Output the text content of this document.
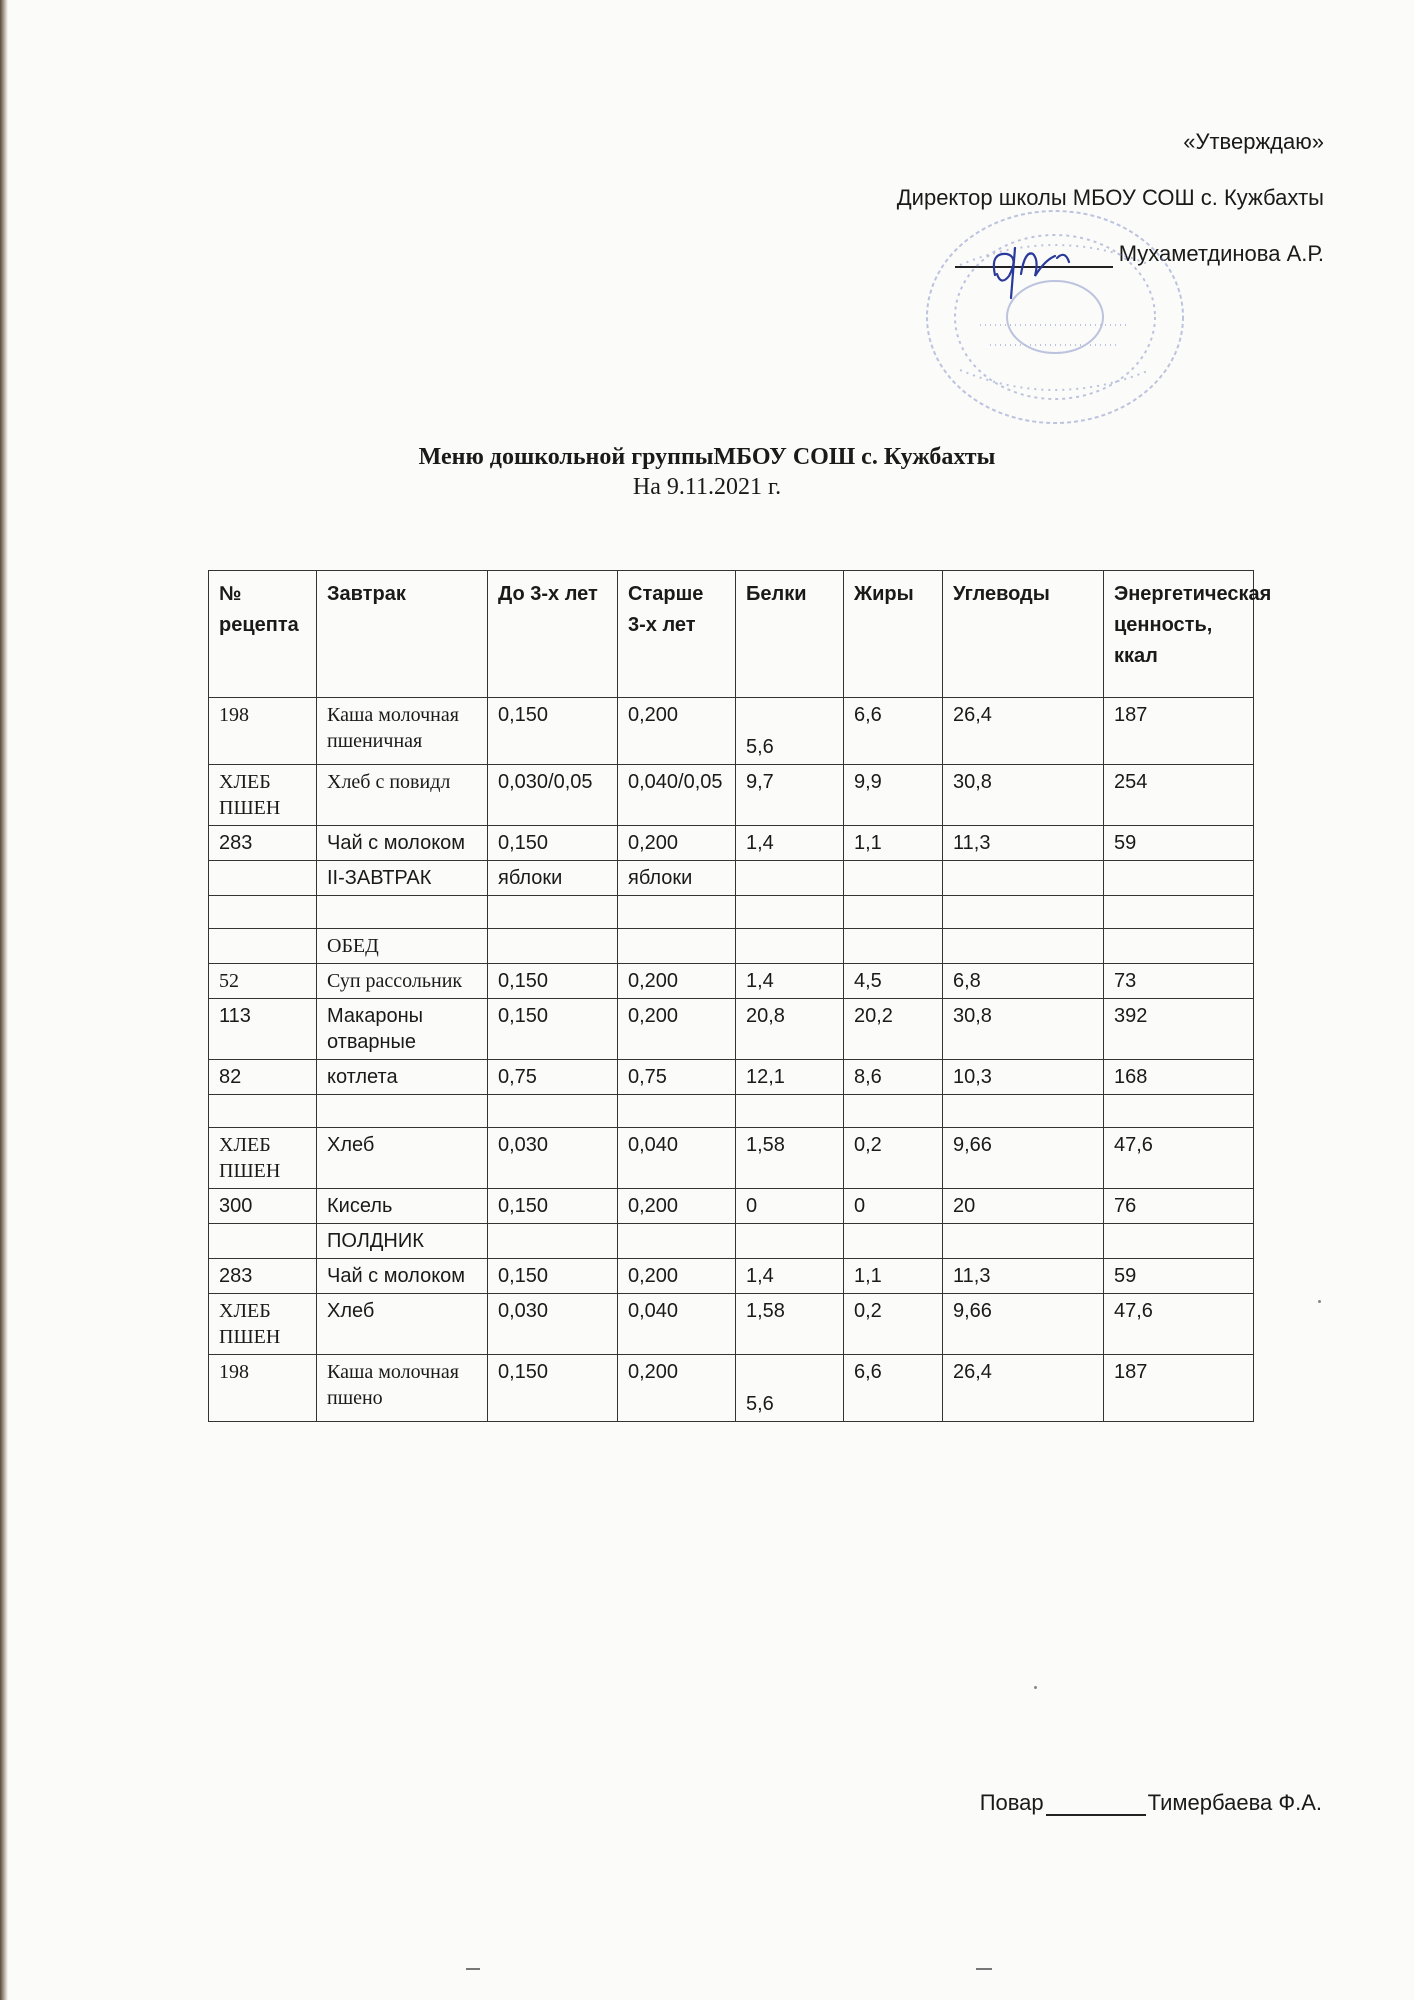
«Утверждаю»
Директор школы МБОУ СОШ с. Кужбахты
Мухаметдинова А.Р.
Меню дошкольной группыМБОУ СОШ с. Кужбахты
На 9.11.2021 г.
№ рецепта	Завтрак	До 3-х лет	Старше 3-х лет	Белки	Жиры	Углеводы	Энергетическая ценность, ккал
198	Каша молочная пшеничная	0,150	0,200	5,6	6,6	26,4	187
ХЛЕБ ПШЕН	Хлеб с повидл	0,030/0,05	0,040/0,05	9,7	9,9	30,8	254
283	Чай с молоком	0,150	0,200	1,4	1,1	11,3	59
	II-ЗАВТРАК	яблоки	яблоки				

	ОБЕД						
52	Суп рассольник	0,150	0,200	1,4	4,5	6,8	73
113	Макароны отварные	0,150	0,200	20,8	20,2	30,8	392
82	котлета	0,75	0,75	12,1	8,6	10,3	168

ХЛЕБ ПШЕН	Хлеб	0,030	0,040	1,58	0,2	9,66	47,6
300	Кисель	0,150	0,200	0	0	20	76
	ПОЛДНИК						
283	Чай с молоком	0,150	0,200	1,4	1,1	11,3	59
ХЛЕБ ПШЕН	Хлеб	0,030	0,040	1,58	0,2	9,66	47,6
198	Каша молочная пшено	0,150	0,200	5,6	6,6	26,4	187
Повар	Тимербаева Ф.А.
